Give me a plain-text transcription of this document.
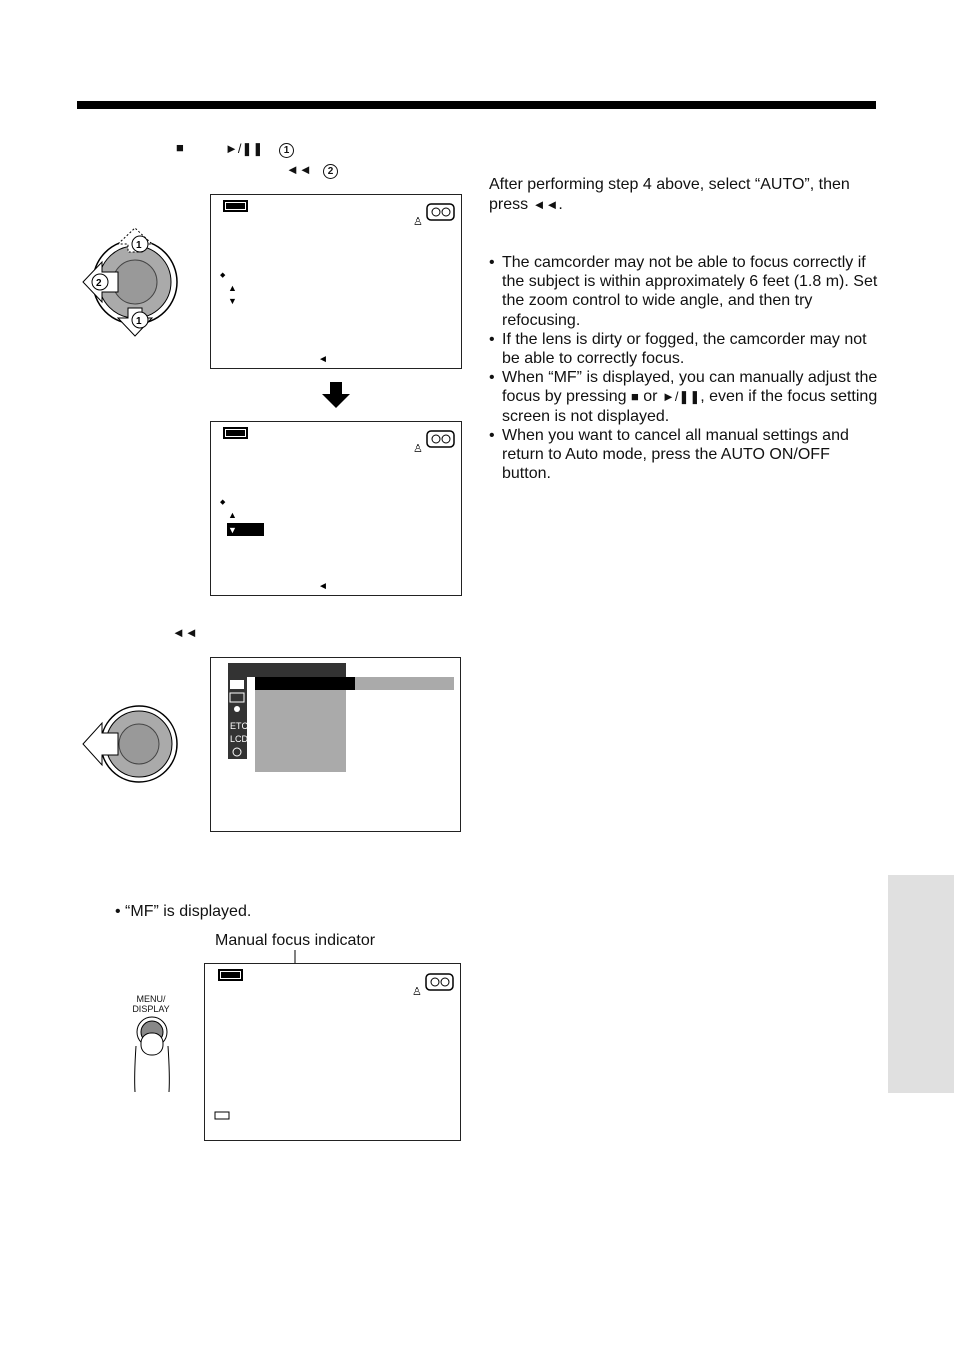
■	►/❚❚	1
◄◄	2
♙
◆
▲
▼
◄
♙
◆
▲
▼
◄
1
2
1
◄◄
ETC
LCD
• “MF” is displayed.
Manual focus indicator
MENU/
DISPLAY
♙
After performing step 4 above, select “AUTO”, then press ◄◄.
• The camcorder may not be able to focus correctly if the subject is within approximately 6 feet (1.8 m). Set the zoom control to wide angle, and then try refocusing.
• If the lens is dirty or fogged, the camcorder may not be able to correctly focus.
• When “MF” is displayed, you can manually adjust the focus by pressing ■ or ►/❚❚, even if the focus setting screen is not displayed.
• When you want to cancel all manual settings and return to Auto mode, press the AUTO ON/OFF button.
